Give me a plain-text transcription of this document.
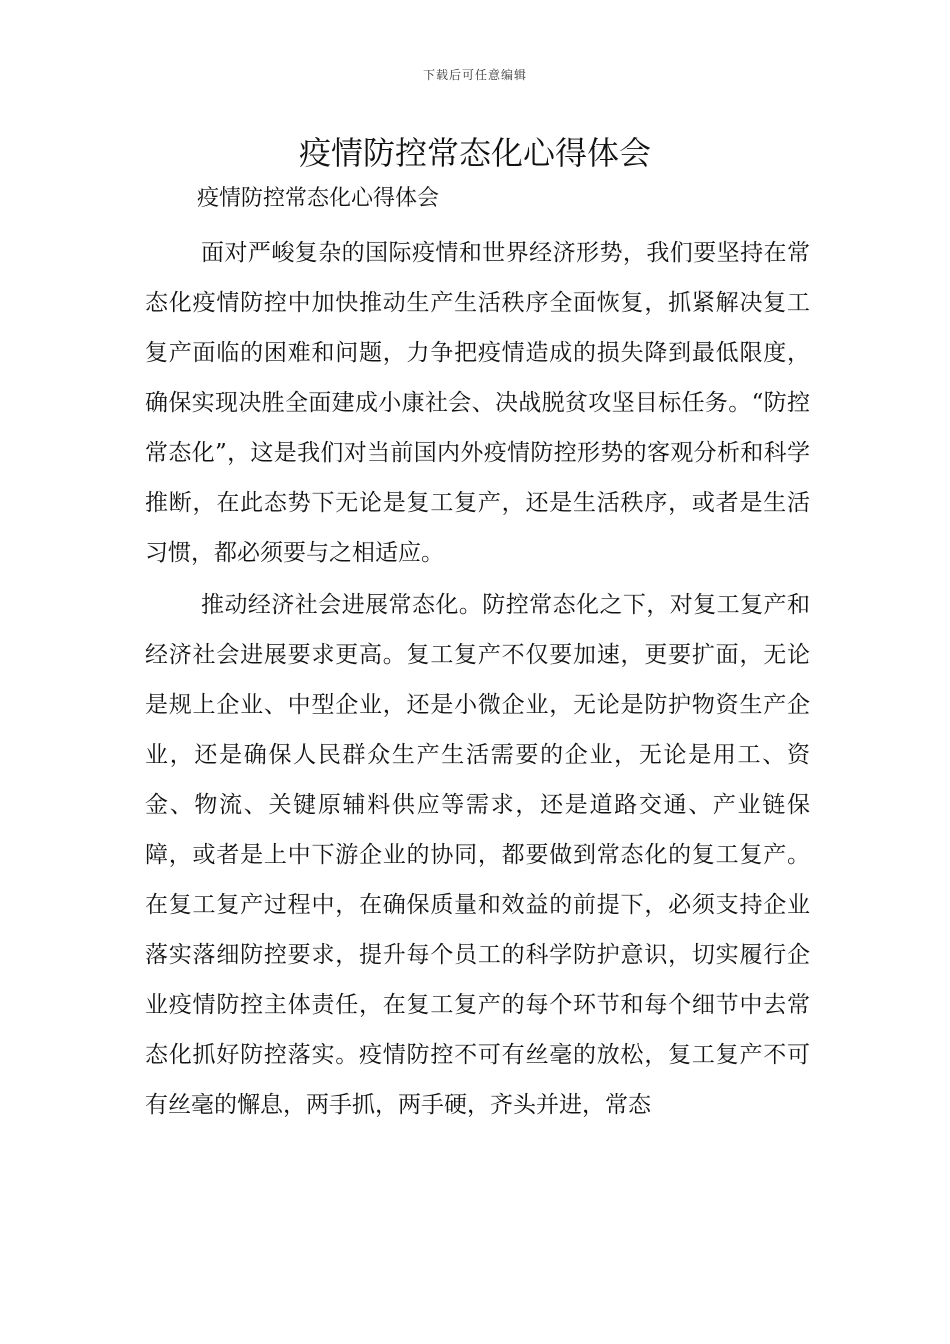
下载后可任意编辑
疫情防控常态化心得体会

疫情防控常态化心得体会

面对严峻复杂的国际疫情和世界经济形势，我们要坚持在常态化疫情防控中加快推动生产生活秩序全面恢复，抓紧解决复工复产面临的困难和问题，力争把疫情造成的损失降到最低限度，确保实现决胜全面建成小康社会、决战脱贫攻坚目标任务。“防控常态化”，这是我们对当前国内外疫情防控形势的客观分析和科学推断，在此态势下无论是复工复产，还是生活秩序，或者是生活习惯，都必须要与之相适应。

推动经济社会进展常态化。防控常态化之下，对复工复产和经济社会进展要求更高。复工复产不仅要加速，更要扩面，无论是规上企业、中型企业，还是小微企业，无论是防护物资生产企业，还是确保人民群众生产生活需要的企业，无论是用工、资金、物流、关键原辅料供应等需求，还是道路交通、产业链保障，或者是上中下游企业的协同，都要做到常态化的复工复产。在复工复产过程中，在确保质量和效益的前提下，必须支持企业落实落细防控要求，提升每个员工的科学防护意识，切实履行企业疫情防控主体责任，在复工复产的每个环节和每个细节中去常态化抓好防控落实。疫情防控不可有丝毫的放松，复工复产不可有丝毫的懈息，两手抓，两手硬，齐头并进，常态
